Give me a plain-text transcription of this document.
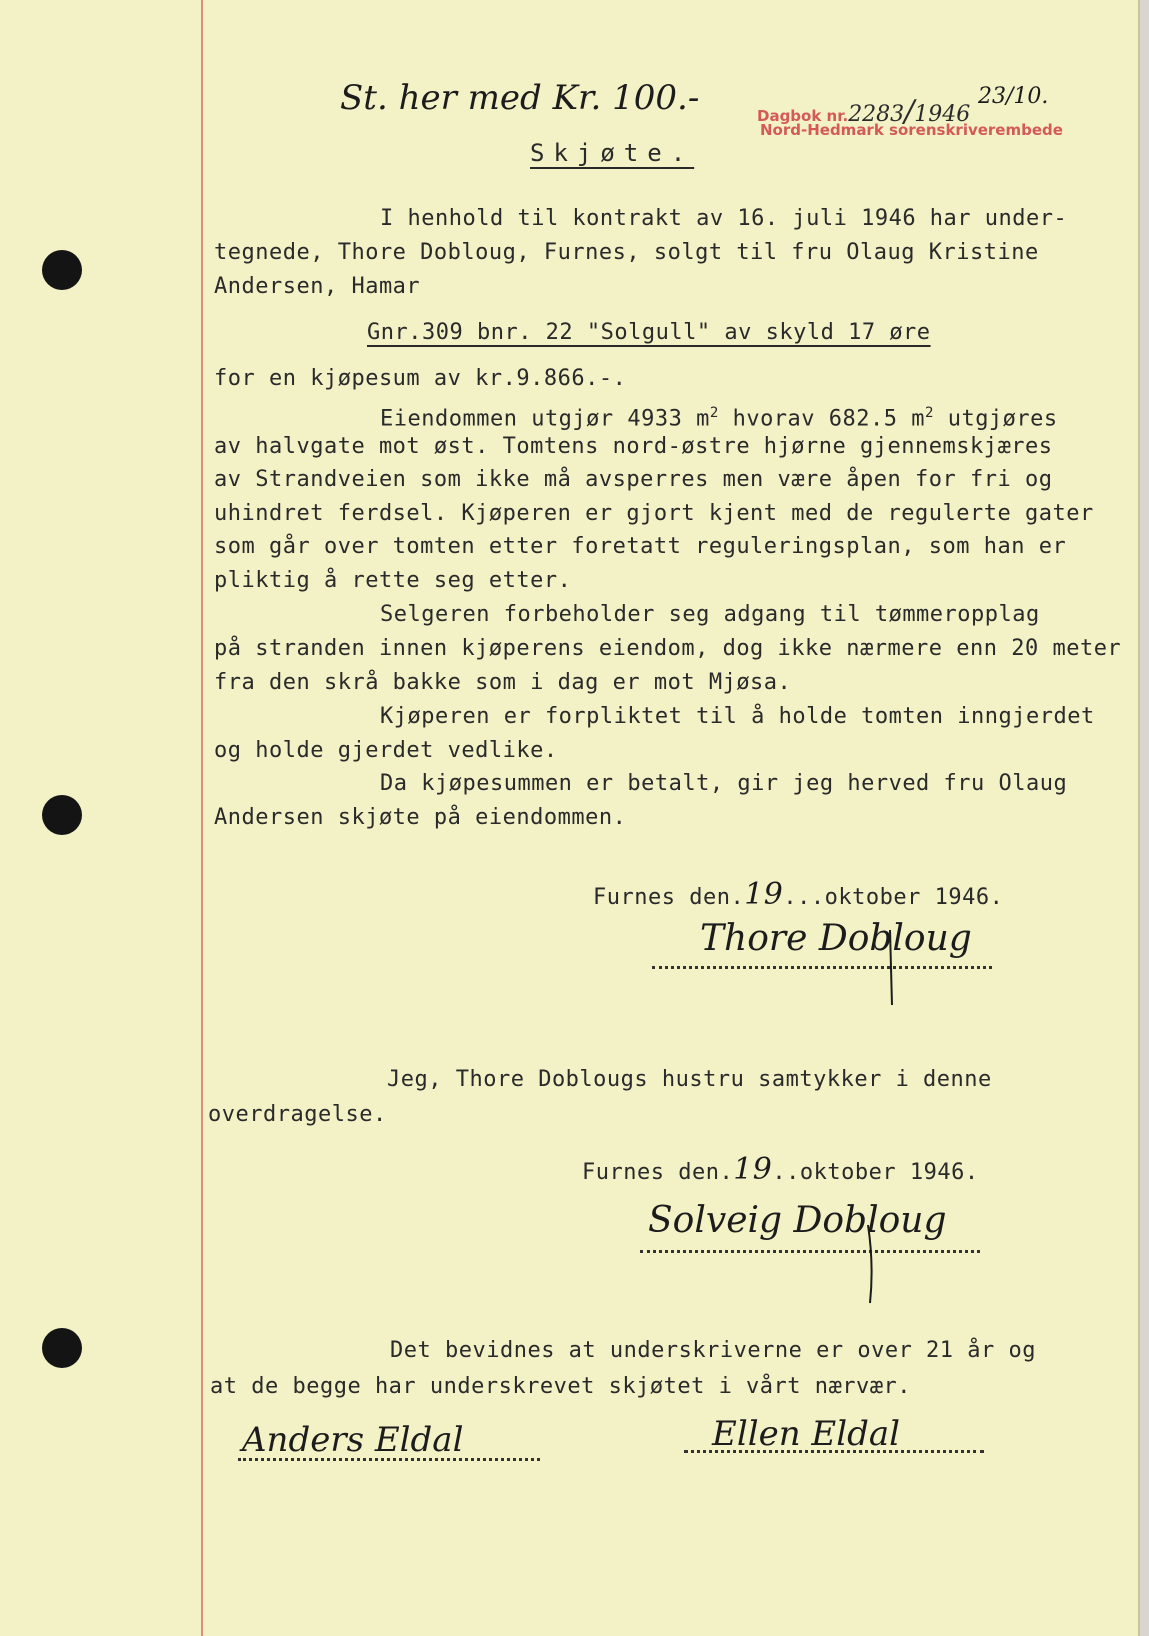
St. her med Kr. 100.-	Dagbok nr.2283/1946
23/10.
Nord-Hedmark sorenskriverembede
Skjøte.
I henhold til kontrakt av 16. juli 1946 har under-
tegnede, Thore Dobloug, Furnes, solgt til fru Olaug Kristine
Andersen, Hamar
Gnr.309 bnr. 22 "Solgull" av skyld 17 øre
for en kjøpesum av kr.9.866.-.
Eiendommen utgjør 4933 $m^2$ hvorav 682.5 $m^2$ utgjøres
av halvgate mot øst. Tomtens nord-østre hjørne gjennemskjæres
av Strandveien som ikke må avsperres men være åpen for fri og
uhindret ferdsel. Kjøperen er gjort kjent med de regulerte gater
som går over tomten etter foretatt reguleringsplan, som han er
pliktig å rette seg etter.
Selgeren forbeholder seg adgang til tømmeropplag
på stranden innen kjøperens eiendom, dog ikke nærmere enn 20 meter
fra den skrå bakke som i dag er mot Mjøsa.
Kjøperen er forpliktet til å holde tomten inngjerdet
og holde gjerdet vedlike.
Da kjøpesummen er betalt, gir jeg herved fru Olaug
Andersen skjøte på eiendommen.
Furnes den.19...oktober 1946.
Thore Dobloug
Jeg, Thore Doblougs hustru samtykker i denne
overdragelse.
Furnes den.19..oktober 1946.
Solveig Dobloug
Det bevidnes at underskriverne er over 21 år og
at de begge har underskrevet skjøtet i vårt nærvær.
Anders Eldal	Ellen Eldal
